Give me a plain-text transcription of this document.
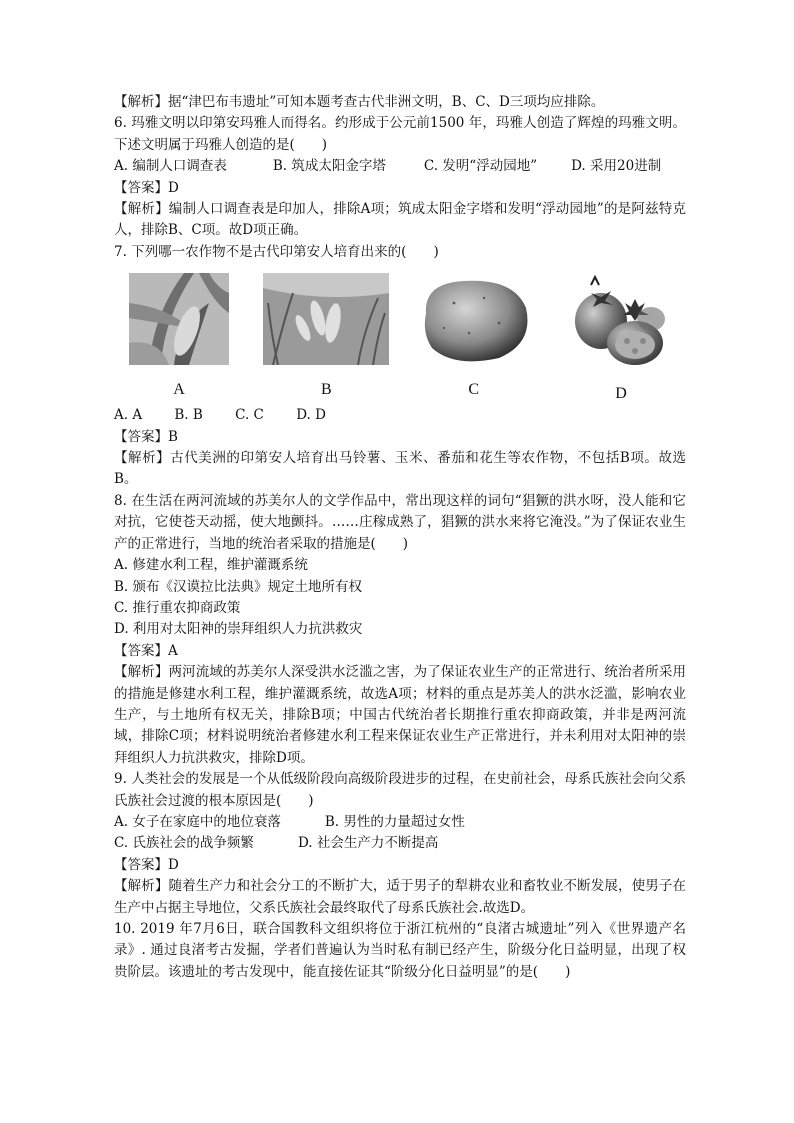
【解析】据“津巴布韦遗址”可知本题考查古代非洲文明，B、C、D三项均应排除。
6. 玛雅文明以印第安玛雅人而得名。约形成于公元前1500 年，玛雅人创造了辉煌的玛雅文明。下述文明属于玛雅人创造的是(　　)
A. 编制人口调查表	B. 筑成太阳金字塔	C. 发明“浮动园地”	D. 采用20进制
【答案】D
【解析】编制人口调查表是印加人，排除A项；筑成太阳金字塔和发明“浮动园地”的是阿兹特克人，排除B、C项。故D项正确。
7. 下列哪一农作物不是古代印第安人培育出来的(　　)
A	B	C	D
A. A B. B C. C D. D
【答案】B
【解析】古代美洲的印第安人培育出马铃薯、玉米、番茄和花生等农作物，不包括B项。故选B。
8. 在生活在两河流域的苏美尔人的文学作品中，常出现这样的词句“猖獗的洪水呀，没人能和它对抗，它使苍天动摇，使大地颤抖。……庄稼成熟了，猖獗的洪水来将它淹没。”为了保证农业生产的正常进行，当地的统治者采取的措施是(　　)
A. 修建水利工程，维护灌溉系统
B. 颁布《汉谟拉比法典》规定土地所有权
C. 推行重农抑商政策
D. 利用对太阳神的崇拜组织人力抗洪救灾
【答案】A
【解析】两河流域的苏美尔人深受洪水泛滥之害，为了保证农业生产的正常进行、统治者所采用的措施是修建水利工程，维护灌溉系统，故选A项；材料的重点是苏美人的洪水泛滥，影响农业生产，与土地所有权无关，排除B项；中国古代统治者长期推行重农抑商政策，并非是两河流域，排除C项；材料说明统治者修建水利工程来保证农业生产正常进行，并未利用对太阳神的崇拜组织人力抗洪救灾，排除D项。
9. 人类社会的发展是一个从低级阶段向高级阶段进步的过程，在史前社会，母系氏族社会向父系氏族社会过渡的根本原因是(　　)
A. 女子在家庭中的地位衰落	B. 男性的力量超过女性
C. 氏族社会的战争频繁	D. 社会生产力不断提高
【答案】D
【解析】随着生产力和社会分工的不断扩大，适于男子的犁耕农业和畜牧业不断发展，使男子在生产中占据主导地位，父系氏族社会最终取代了母系氏族社会.故选D。
10. 2019 年7月6日，联合国教科文组织将位于浙江杭州的“良渚古城遗址”列入《世界遗产名录》. 通过良渚考古发掘，学者们普遍认为当时私有制已经产生，阶级分化日益明显，出现了权贵阶层。该遗址的考古发现中，能直接佐证其“阶级分化日益明显”的是(　　)
